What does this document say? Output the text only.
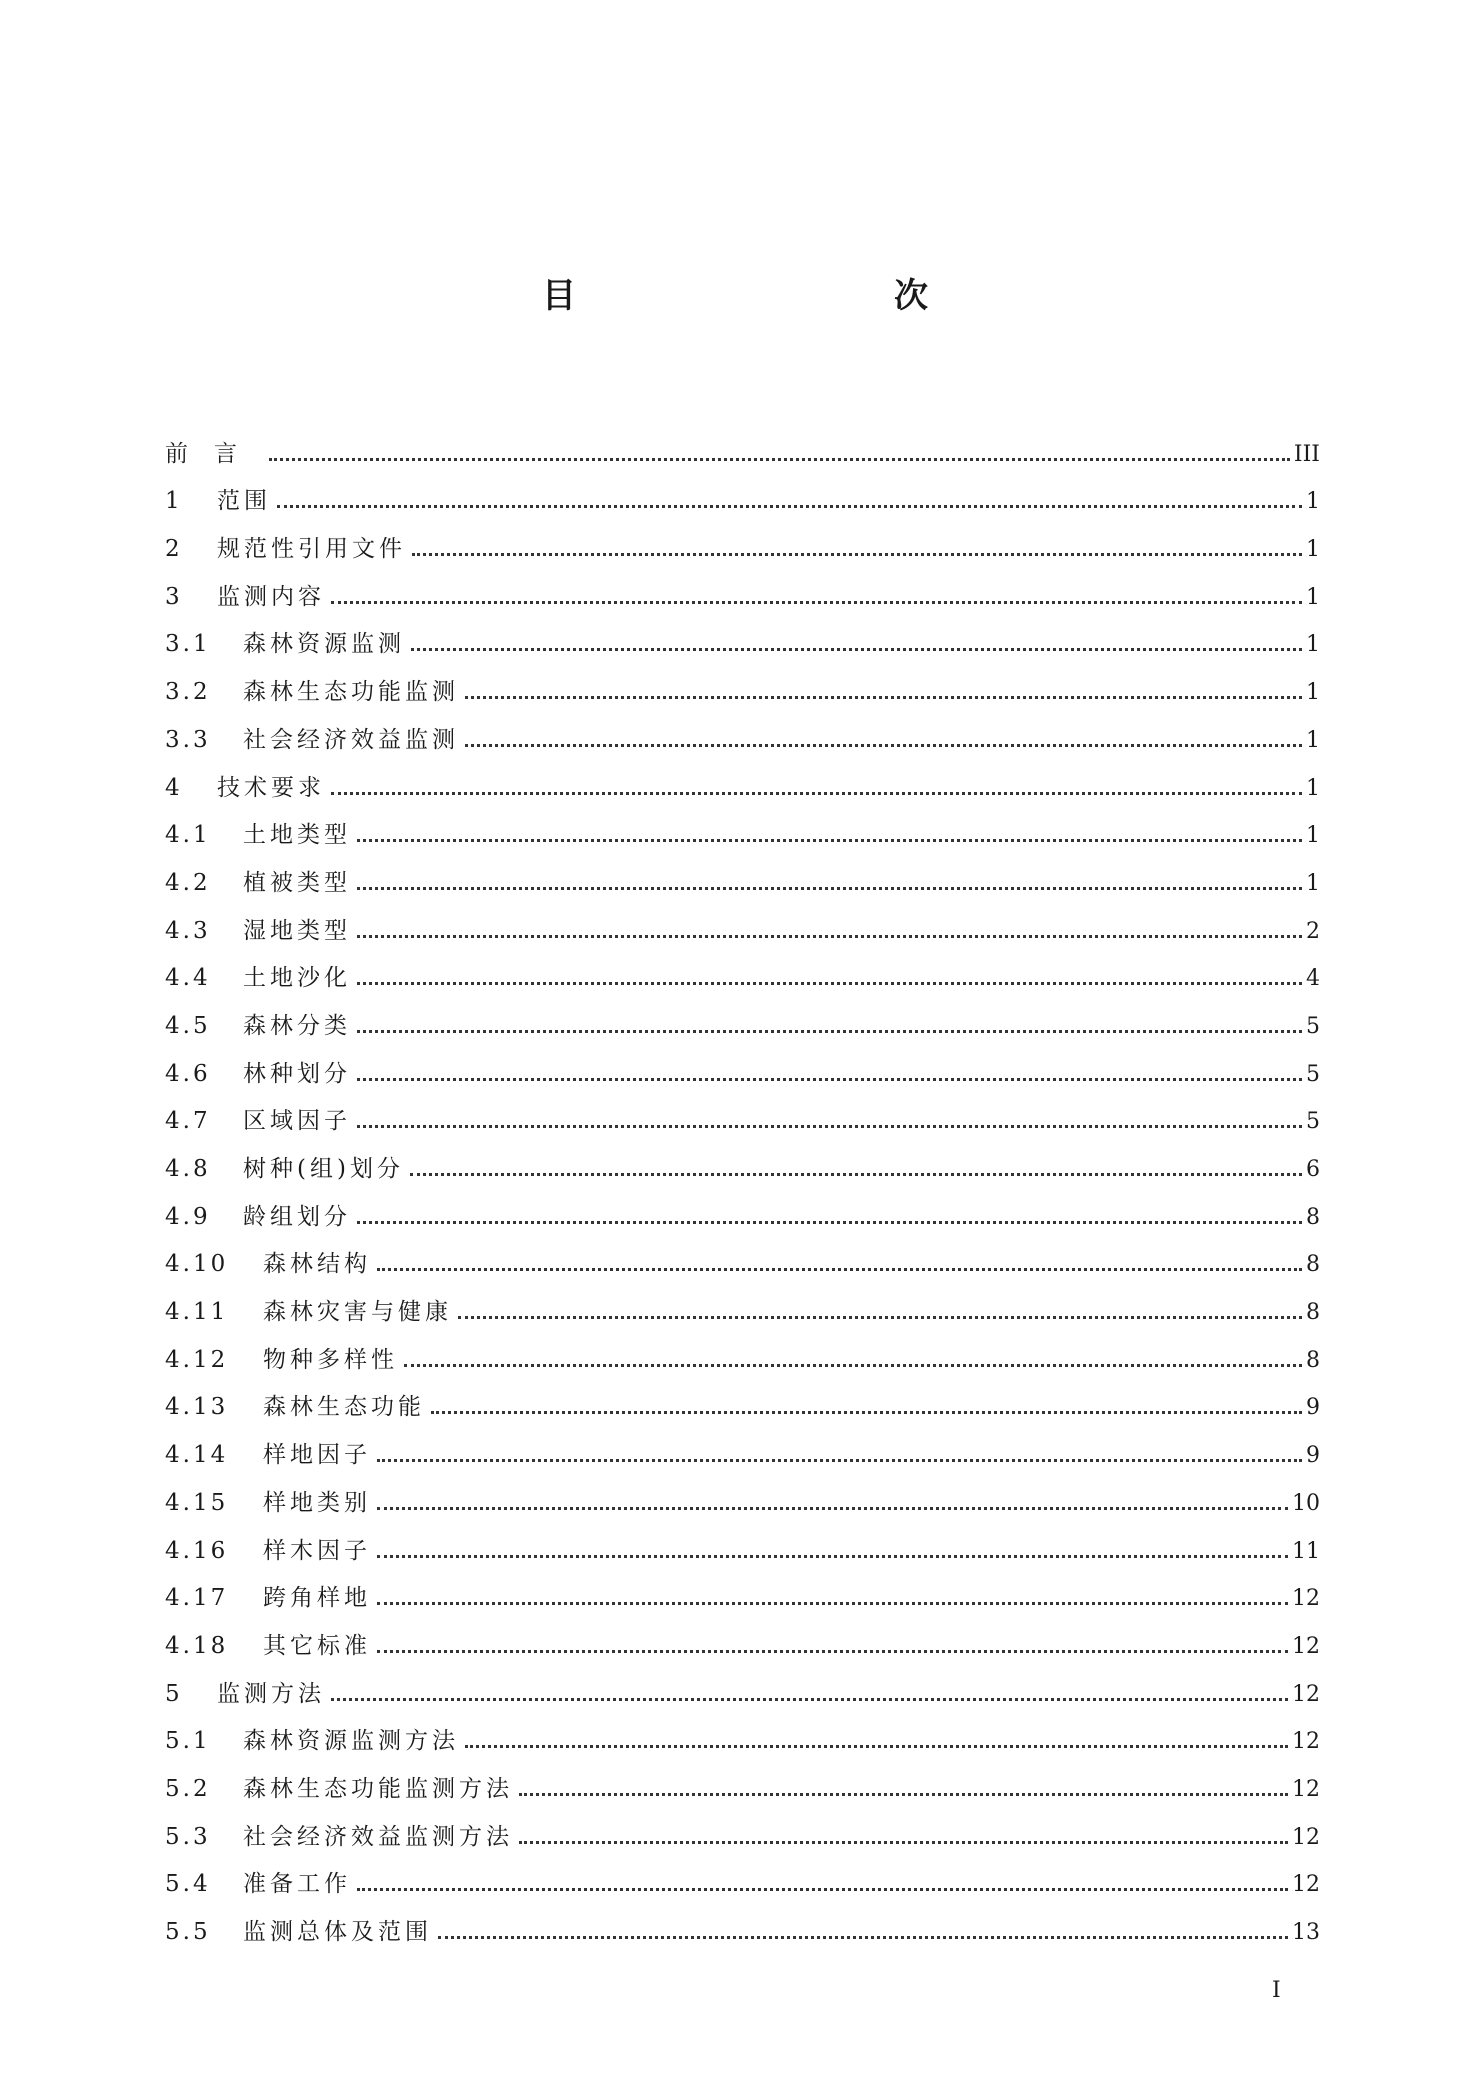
目　次
前言	III
1	范围	1
2	规范性引用文件	1
3	监测内容	1
3.1	森林资源监测	1
3.2	森林生态功能监测	1
3.3	社会经济效益监测	1
4	技术要求	1
4.1	土地类型	1
4.2	植被类型	1
4.3	湿地类型	2
4.4	土地沙化	4
4.5	森林分类	5
4.6	林种划分	5
4.7	区域因子	5
4.8	树种(组)划分	6
4.9	龄组划分	8
4.10	森林结构	8
4.11	森林灾害与健康	8
4.12	物种多样性	8
4.13	森林生态功能	9
4.14	样地因子	9
4.15	样地类别	10
4.16	样木因子	11
4.17	跨角样地	12
4.18	其它标准	12
5	监测方法	12
5.1	森林资源监测方法	12
5.2	森林生态功能监测方法	12
5.3	社会经济效益监测方法	12
5.4	准备工作	12
5.5	监测总体及范围	13
I
